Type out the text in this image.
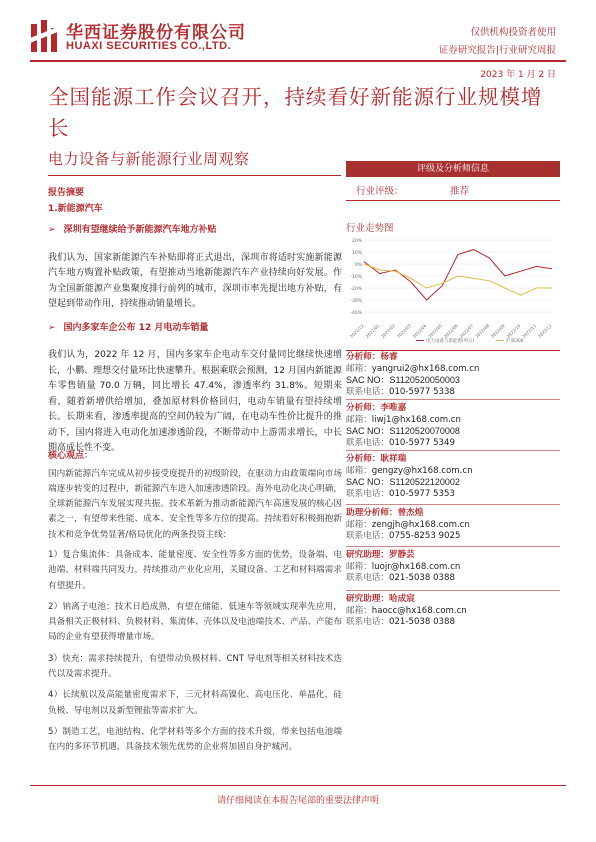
华西证券股份有限公司
HUAXI SECURITIES CO.,LTD.
仅供机构投资者使用
证券研究报告|行业研究周报
2023 年 1 月 2 日
全国能源工作会议召开，持续看好新能源行业规模增长
电力设备与新能源行业周观察
报告摘要
1.新能源汽车
➢ 深圳有望继续给予新能源汽车地方补贴
我们认为，国家新能源汽车补贴即将正式退出，深圳市将适时实施新能源汽车地方购置补贴政策，有望推动当地新能源汽车产业持续向好发展。作为全国新能源产业集聚度排行前列的城市，深圳市率先提出地方补贴，有望起到带动作用，持续推动销量增长。
➢ 国内多家车企公布 12 月电动车销量
我们认为，2022 年 12 月，国内多家车企电动车交付量同比继续快速增长，小鹏、理想交付量环比快速攀升。根据乘联会预测，12 月国内新能源车零售销量 70.0 万辆，同比增长 47.4%，渗透率约 31.8%。短期来看，随着新增供给增加，叠加原材料价格回归，电动车销量有望持续增长。长期来看，渗透率提高的空间仍较为广阔，在电动车性价比提升的推动下，国内将进入电动化加速渗透阶段，不断带动中上游需求增长，中长期高成长性不变。
核心观点：
国内新能源汽车完成从初步接受度提升的初级阶段，在驱动力由政策端向市场端逐步转变的过程中，新能源汽车进入加速渗透阶段。海外电动化决心明确，全球新能源汽车发展实现共振。技术革新为推动新能源汽车高速发展的核心因素之一，有望带来性能、成本、安全性等多方位的提高。持续看好积极拥抱新技术和竞争优势显著/格局优化的两条投资主线：
1）复合集流体：具备成本、能量密度、安全性等多方面的优势，设备端、电池端、材料端共同发力，持续推动产业化应用，关键设备、工艺和材料端需求有望提升。
2）钠离子电池：技术日趋成熟，有望在储能、低速车等领域实现率先应用，具备相关正极材料、负极材料、集流体、壳体以及电池端技术、产品、产能布局的企业有望获得增量市场。
3）快充：需求持续提升，有望带动负极材料、CNT 导电剂等相关材料技术迭代以及需求提升。
4）长续航以及高能量密度需求下，三元材料高镍化、高电压化、单晶化，硅负极、导电剂以及新型锂盐等需求扩大。
5）制造工艺，电池结构、化学材料等多个方面的技术升级，带来包括电池端在内的多环节机遇，具备技术领先优势的企业将加固自身护城河。
评级及分析师信息
行业评级：	推荐
行业走势图
-40%
-30%
-20%
-10%
0%
10%
20%
2021/12 2022/01 2022/02 2022/03 2022/04 2022/05 2022/06 2022/07 2022/08 2022/09 2022/10 2022/11 2022/12
电力设备与新能源(申万)	沪深300
分析师：杨睿
邮箱：yangrui2@hx168.com.cn
SAC NO：S1120520050003
联系电话：010-5977 5338
分析师：李唯嘉
邮箱：liwj1@hx168.com.cn
SAC NO：S1120520070008
联系电话：010-5977 5349
分析师：耿祥瑞
邮箱：gengzy@hx168.com.cn
SAC NO：S1120522120002
联系电话：010-5977 5353
助理分析师：曾杰煌
邮箱：zengjh@hx168.com.cn
联系电话：0755-8253 9025
研究助理：罗静芸
邮箱：luojr@hx168.com.cn
联系电话：021-5038 0388
研究助理：哈成宸
邮箱：haocc@hx168.com.cn
联系电话：021-5038 0388
请仔细阅读在本报告尾部的重要法律声明
